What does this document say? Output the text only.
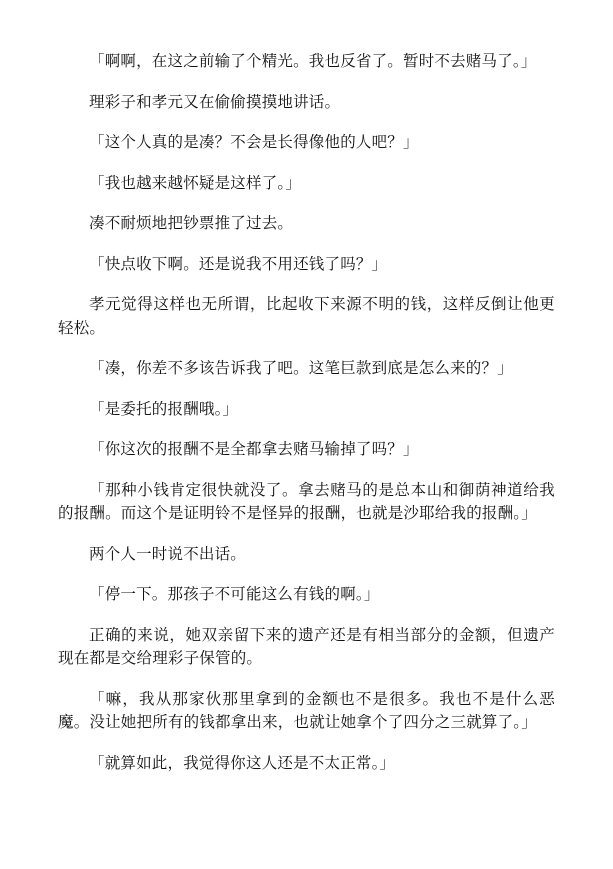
「啊啊，在这之前输了个精光。我也反省了。暂时不去赌马了。」

理彩子和孝元又在偷偷摸摸地讲话。

「这个人真的是凑？不会是长得像他的人吧？」

「我也越来越怀疑是这样了。」

凑不耐烦地把钞票推了过去。

「快点收下啊。还是说我不用还钱了吗？」

孝元觉得这样也无所谓，比起收下来源不明的钱，这样反倒让他更轻松。

「凑，你差不多该告诉我了吧。这笔巨款到底是怎么来的？」

「是委托的报酬哦。」

「你这次的报酬不是全都拿去赌马输掉了吗？」

「那种小钱肯定很快就没了。拿去赌马的是总本山和御荫神道给我的报酬。而这个是证明铃不是怪异的报酬，也就是沙耶给我的报酬。」

两个人一时说不出话。

「停一下。那孩子不可能这么有钱的啊。」

正确的来说，她双亲留下来的遗产还是有相当部分的金额，但遗产现在都是交给理彩子保管的。

「嘛，我从那家伙那里拿到的金额也不是很多。我也不是什么恶魔。没让她把所有的钱都拿出来，也就让她拿个了四分之三就算了。」

「就算如此，我觉得你这人还是不太正常。」
